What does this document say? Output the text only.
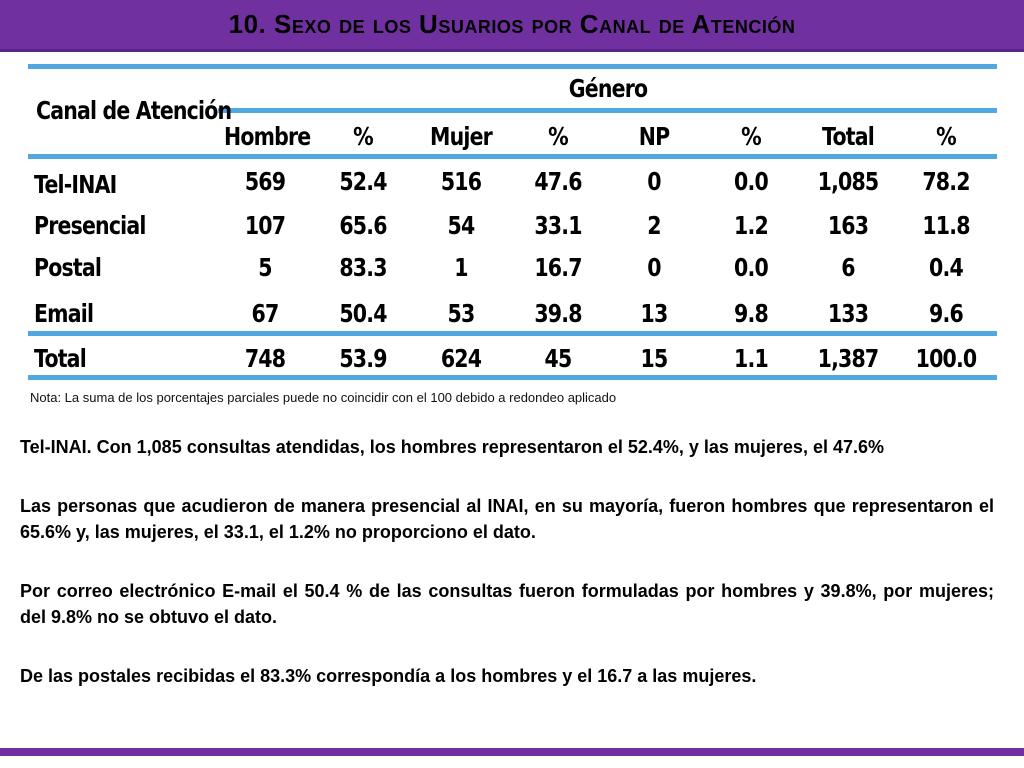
10. Sexo de los Usuarios por Canal de Atención
Canal de Atención
Género
Hombre	%	Mujer	%	NP	%	Total	%
Tel-INAI	569	52.4	516	47.6	0	0.0	1,085	78.2
Presencial	107	65.6	54	33.1	2	1.2	163	11.8
Postal	5	83.3	1	16.7	0	0.0	6	0.4
Email	67	50.4	53	39.8	13	9.8	133	9.6
Total	748	53.9	624	45	15	1.1	1,387	100.0
Nota: La suma de los porcentajes parciales puede no coincidir con el 100 debido a redondeo aplicado

Tel-INAI. Con 1,085 consultas atendidas, los hombres representaron el 52.4%, y las mujeres, el 47.6%

Las personas que acudieron de manera presencial al INAI, en su mayoría, fueron hombres que representaron el 65.6% y, las mujeres, el 33.1, el 1.2% no proporciono el dato.

Por correo electrónico E-mail el 50.4 % de las consultas fueron formuladas por hombres y 39.8%, por mujeres; del 9.8% no se obtuvo el dato.

De las postales recibidas el 83.3% correspondía a los hombres y el 16.7 a las mujeres.
